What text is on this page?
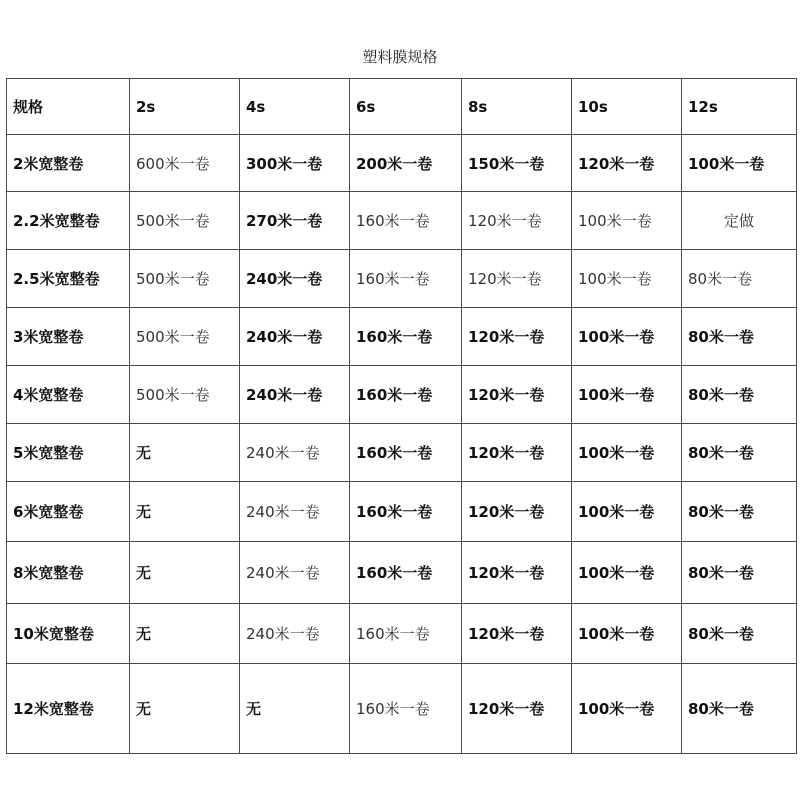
塑料膜规格
规格	2s	4s	6s	8s	10s	12s
2米宽整卷	600米一卷	300米一卷	200米一卷	150米一卷	120米一卷	100米一卷
2.2米宽整卷	500米一卷	270米一卷	160米一卷	120米一卷	100米一卷	定做
2.5米宽整卷	500米一卷	240米一卷	160米一卷	120米一卷	100米一卷	80米一卷
3米宽整卷	500米一卷	240米一卷	160米一卷	120米一卷	100米一卷	80米一卷
4米宽整卷	500米一卷	240米一卷	160米一卷	120米一卷	100米一卷	80米一卷
5米宽整卷	无	240米一卷	160米一卷	120米一卷	100米一卷	80米一卷
6米宽整卷	无	240米一卷	160米一卷	120米一卷	100米一卷	80米一卷
8米宽整卷	无	240米一卷	160米一卷	120米一卷	100米一卷	80米一卷
10米宽整卷	无	240米一卷	160米一卷	120米一卷	100米一卷	80米一卷
12米宽整卷	无	无	160米一卷	120米一卷	100米一卷	80米一卷
